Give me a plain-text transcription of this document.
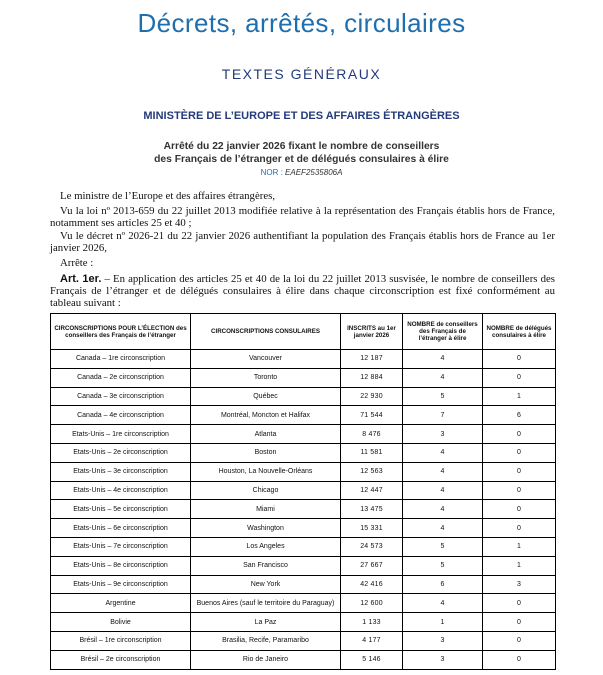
Décrets, arrêtés, circulaires
TEXTES GÉNÉRAUX
MINISTÈRE DE L’EUROPE ET DES AFFAIRES ÉTRANGÈRES
Arrêté du 22 janvier 2026 fixant le nombre de conseillers
des Français de l’étranger et de délégués consulaires à élire
NOR : EAEF2535806A
Le ministre de l’Europe et des affaires étrangères,
Vu la loi nº 2013-659 du 22 juillet 2013 modifiée relative à la représentation des Français établis hors de France, notamment ses articles 25 et 40 ;
Vu le décret nº 2026-21 du 22 janvier 2026 authentifiant la population des Français établis hors de France au 1er janvier 2026,
Arrête :
Art. 1er. – En application des articles 25 et 40 de la loi du 22 juillet 2013 susvisée, le nombre de conseillers des Français de l’étranger et de délégués consulaires à élire dans chaque circonscription est fixé conformément au tableau suivant :
CIRCONSCRIPTIONS POUR L’ÉLECTION des conseillers des Français de l’étranger	CIRCONSCRIPTIONS CONSULAIRES	INSCRITS au 1er janvier 2026	NOMBRE de conseillers des Français de l’étranger à élire	NOMBRE de délégués consulaires à élire
Canada – 1re circonscription	Vancouver	12 187	4	0
Canada – 2e circonscription	Toronto	12 884	4	0
Canada – 3e circonscription	Québec	22 930	5	1
Canada – 4e circonscription	Montréal, Moncton et Halifax	71 544	7	6
Etats-Unis – 1re circonscription	Atlanta	8 476	3	0
Etats-Unis – 2e circonscription	Boston	11 581	4	0
Etats-Unis – 3e circonscription	Houston, La Nouvelle-Orléans	12 563	4	0
Etats-Unis – 4e circonscription	Chicago	12 447	4	0
Etats-Unis – 5e circonscription	Miami	13 475	4	0
Etats-Unis – 6e circonscription	Washington	15 331	4	0
Etats-Unis – 7e circonscription	Los Angeles	24 573	5	1
Etats-Unis – 8e circonscription	San Francisco	27 667	5	1
Etats-Unis – 9e circonscription	New York	42 416	6	3
Argentine	Buenos Aires (sauf le territoire du Paraguay)	12 600	4	0
Bolivie	La Paz	1 133	1	0
Brésil – 1re circonscription	Brasilia, Recife, Paramaribo	4 177	3	0
Brésil – 2e circonscription	Rio de Janeiro	5 146	3	0
